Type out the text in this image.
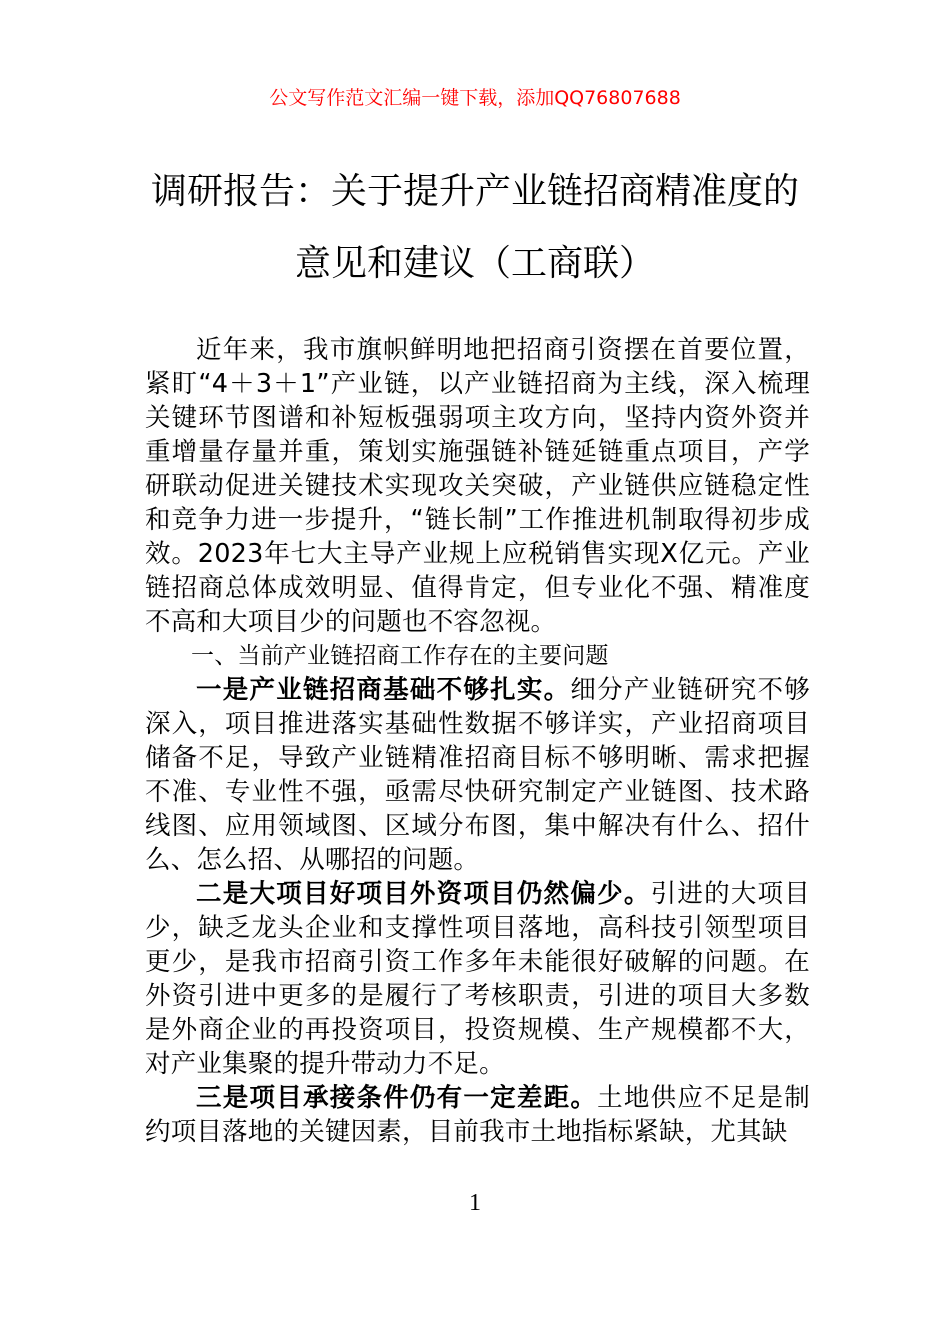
公文写作范文汇编一键下载，添加QQ76807688
调研报告：关于提升产业链招商精准度的
意见和建议（工商联）

近年来，我市旗帜鲜明地把招商引资摆在首要位置，紧盯“4＋3＋1”产业链，以产业链招商为主线，深入梳理关键环节图谱和补短板强弱项主攻方向，坚持内资外资并重增量存量并重，策划实施强链补链延链重点项目，产学研联动促进关键技术实现攻关突破，产业链供应链稳定性和竞争力进一步提升，“链长制”工作推进机制取得初步成效。2023年七大主导产业规上应税销售实现X亿元。产业链招商总体成效明显、值得肯定，但专业化不强、精准度不高和大项目少的问题也不容忽视。

一、当前产业链招商工作存在的主要问题

一是产业链招商基础不够扎实。细分产业链研究不够深入，项目推进落实基础性数据不够详实，产业招商项目储备不足，导致产业链精准招商目标不够明晰、需求把握不准、专业性不强，亟需尽快研究制定产业链图、技术路线图、应用领域图、区域分布图，集中解决有什么、招什么、怎么招、从哪招的问题。

二是大项目好项目外资项目仍然偏少。引进的大项目少，缺乏龙头企业和支撑性项目落地，高科技引领型项目更少，是我市招商引资工作多年未能很好破解的问题。在外资引进中更多的是履行了考核职责，引进的项目大多数是外商企业的再投资项目，投资规模、生产规模都不大，对产业集聚的提升带动力不足。

三是项目承接条件仍有一定差距。土地供应不足是制约项目落地的关键因素，目前我市土地指标紧缺，尤其缺

1
